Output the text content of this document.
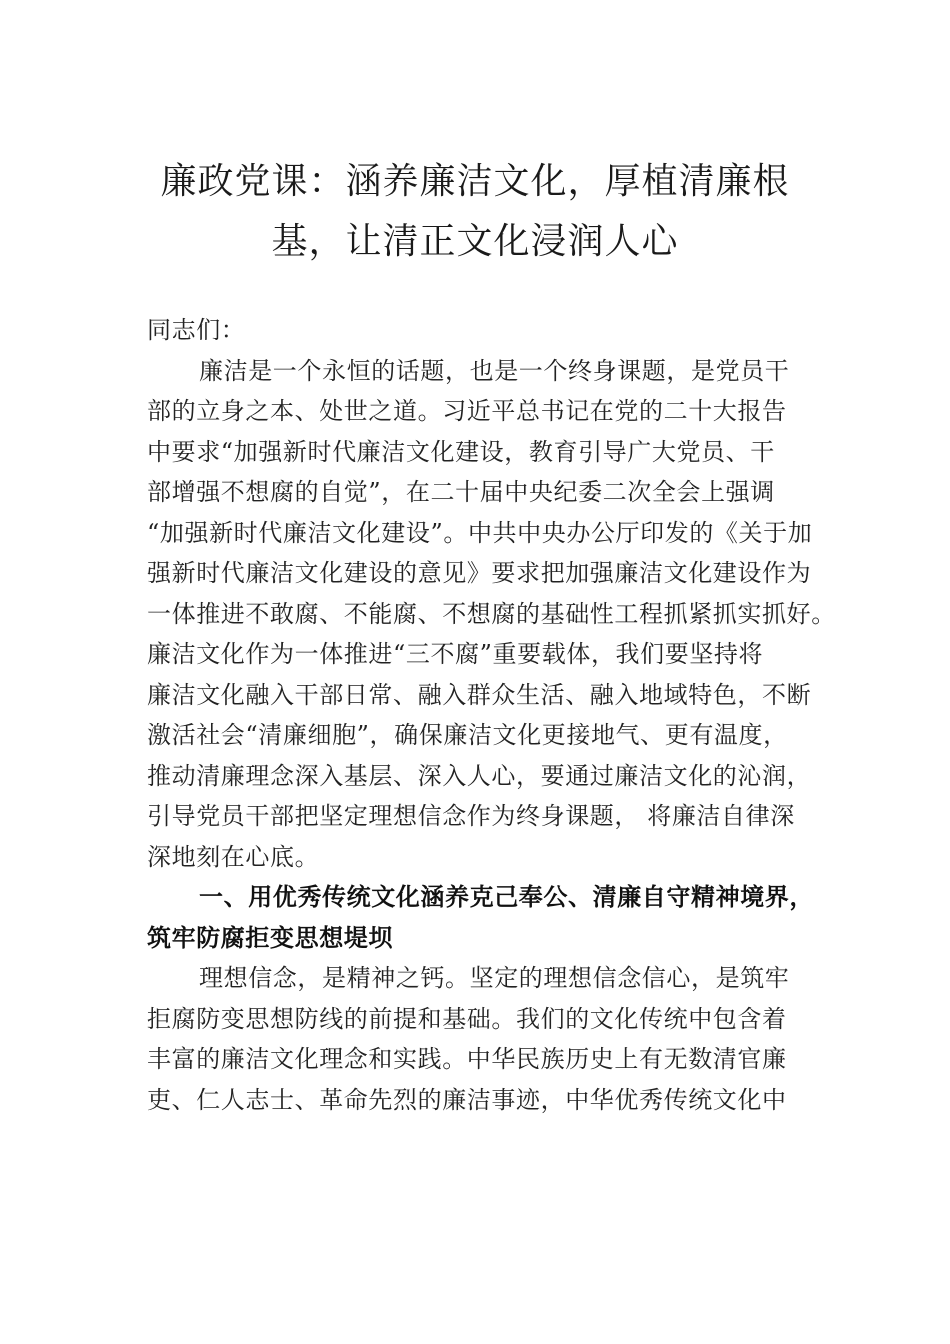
廉政党课：涵养廉洁文化，厚植清廉根
基，让清正文化浸润人心
同志们：
廉洁是一个永恒的话题，也是一个终身课题，是党员干
部的立身之本、处世之道。习近平总书记在党的二十大报告
中要求“加强新时代廉洁文化建设，教育引导广大党员、干
部增强不想腐的自觉”，在二十届中央纪委二次全会上强调
“加强新时代廉洁文化建设”。中共中央办公厅印发的《关于加
强新时代廉洁文化建设的意见》要求把加强廉洁文化建设作为
一体推进不敢腐、不能腐、不想腐的基础性工程抓紧抓实抓好。
廉洁文化作为一体推进“三不腐”重要载体，我们要坚持将
廉洁文化融入干部日常、融入群众生活、融入地域特色，不断
激活社会“清廉细胞”，确保廉洁文化更接地气、更有温度，
推动清廉理念深入基层、深入人心，要通过廉洁文化的沁润，
引导党员干部把坚定理想信念作为终身课题， 将廉洁自律深
深地刻在心底。
一、用优秀传统文化涵养克己奉公、清廉自守精神境界，
筑牢防腐拒变思想堤坝
理想信念，是精神之钙。坚定的理想信念信心，是筑牢
拒腐防变思想防线的前提和基础。我们的文化传统中包含着
丰富的廉洁文化理念和实践。中华民族历史上有无数清官廉
吏、仁人志士、革命先烈的廉洁事迹，中华优秀传统文化中
